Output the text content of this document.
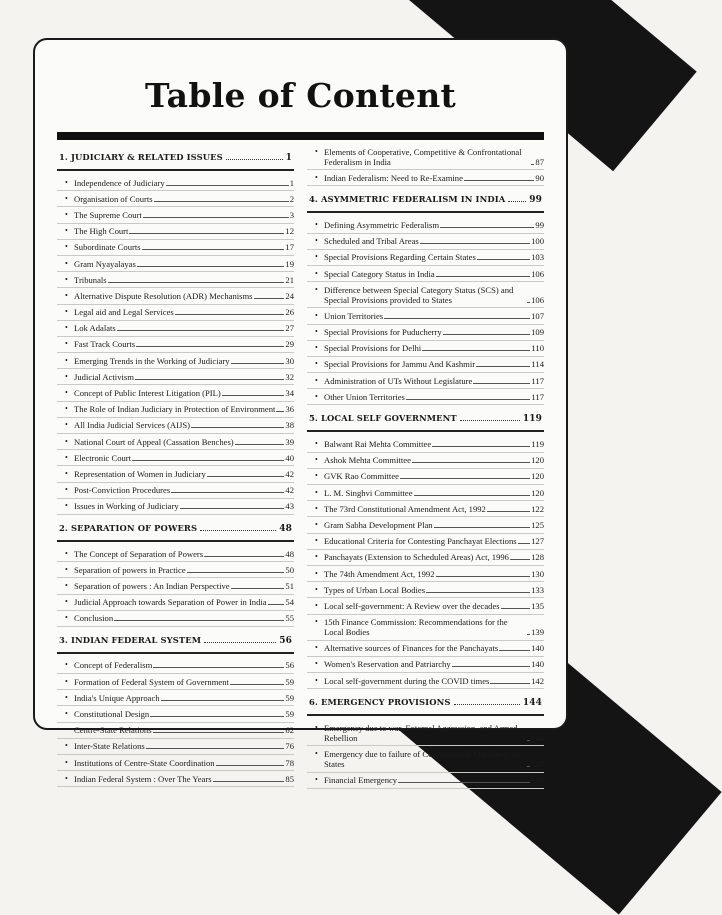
Table of Content
1. JUDICIARY & RELATED ISSUES	1
• Independence of Judiciary	1
• Organisation of Courts	2
• The Supreme Court	3
• The High Court	12
• Subordinate Courts	17
• Gram Nyayalayas	19
• Tribunals	21
• Alternative Dispute Resolution (ADR) Mechanisms	24
• Legal aid and Legal Services	26
• Lok Adalats	27
• Fast Track Courts	29
• Emerging Trends in the Working of Judiciary	30
• Judicial Activism	32
• Concept of Public Interest Litigation (PIL)	34
• The Role of Indian Judiciary in Protection of Environment 36
• All India Judicial Services (AIJS)	38
• National Court of Appeal (Cassation Benches)	39
• Electronic Court	40
• Representation of Women in Judiciary	42
• Post-Conviction Procedures	42
• Issues in Working of Judiciary	43
2. SEPARATION OF POWERS	48
• The Concept of Separation of Powers	48
• Separation of powers in Practice	50
• Separation of powers : An Indian Perspective	51
• Judicial Approach towards Separation of Power in India 54
• Conclusion	55
3. INDIAN FEDERAL SYSTEM	56
• Concept of Federalism	56
• Formation of Federal System of Government	59
• India's Unique Approach	59
• Constitutional Design	59
• Centre-State Relations	62
• Inter-State Relations	76
• Institutions of Centre-State Coordination	78
• Indian Federal System : Over The Years	85
• Elements of Cooperative, Competitive & Confrontational Federalism in India	87
• Indian Federalism: Need to Re-Examine	90
4. ASYMMETRIC FEDERALISM IN INDIA	99
• Defining Asymmetric Federalism	99
• Scheduled and Tribal Areas	100
• Special Provisions Regarding Certain States	103
• Special Category Status in India	106
• Difference between Special Category Status (SCS) and Special Provisions provided to States	106
• Union Territories	107
• Special Provisions for Puducherry	109
• Special Provisions for Delhi	110
• Special Provisions for Jammu And Kashmir	114
• Administration of UTs Without Legislature	117
• Other Union Territories	117
5. LOCAL SELF GOVERNMENT	119
• Balwant Rai Mehta Committee	119
• Ashok Mehta Committee	120
• GVK Rao Committee	120
• L. M. Singhvi Committee	120
• The 73rd Constitutional Amendment Act, 1992	122
• Gram Sabha Development Plan	125
• Educational Criteria for Contesting Panchayat Elections 127
• Panchayats (Extension to Scheduled Areas) Act, 1996	128
• The 74th Amendment Act, 1992	130
• Types of Urban Local Bodies	133
• Local self-government: A Review over the decades	135
• 15th Finance Commission: Recommendations for the Local Bodies	139
• Alternative sources of Finances for the Panchayats	140
• Women's Reservation and Patriarchy	140
• Local self-government during the COVID times	142
6. EMERGENCY PROVISIONS	144
• Emergency due to war, External Aggression, and Armed Rebellion	144
• Emergency due to failure of Constitutional Machinery in States	147
• Financial Emergency	150
